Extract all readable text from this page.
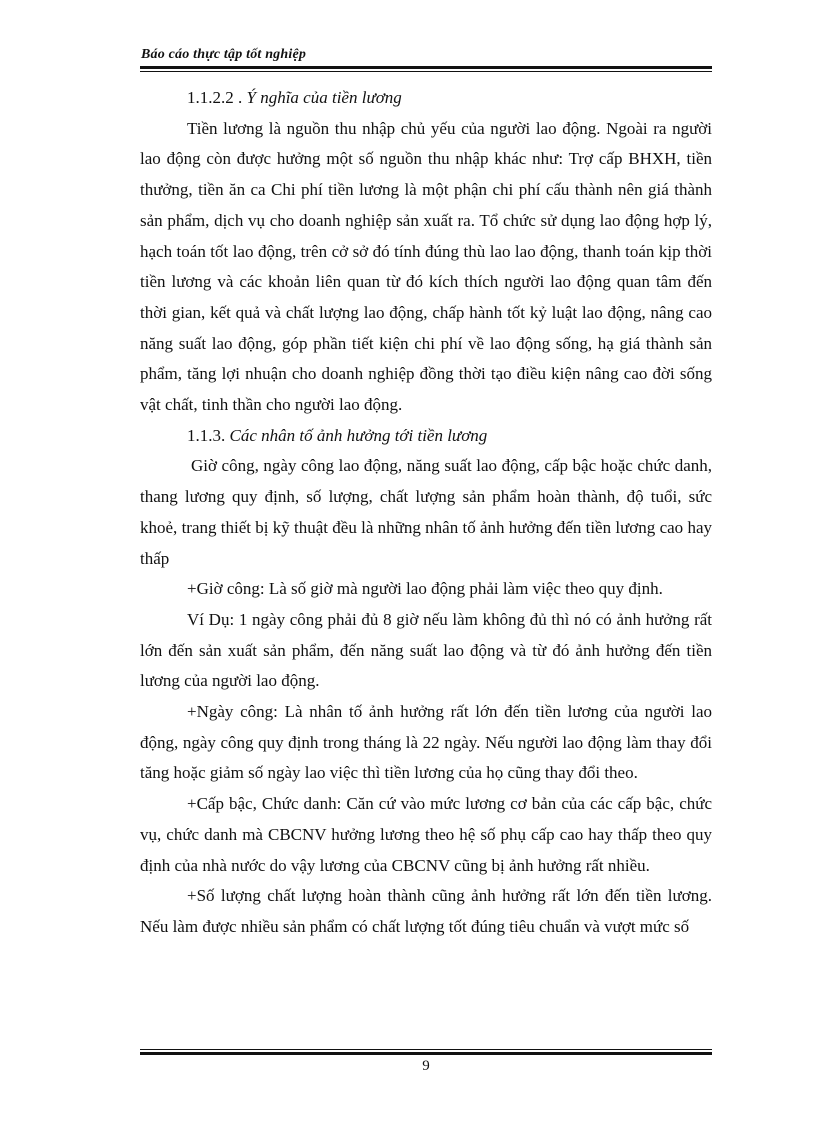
Báo cáo thực tập tốt nghiệp

1.1.2.2 . Ý nghĩa của tiền lương

Tiền lương là nguồn thu nhập chủ yếu của người lao động. Ngoài ra người lao động còn được hưởng một số nguồn thu nhập khác như: Trợ cấp BHXH, tiền thưởng, tiền ăn ca Chi phí tiền lương là một phận chi phí cấu thành nên giá thành sản phẩm, dịch vụ cho doanh nghiệp sản xuất ra. Tổ chức sử dụng lao động hợp lý, hạch toán tốt lao động, trên cở sở đó tính đúng thù lao lao động, thanh toán kịp thời tiền lương và các khoản liên quan từ đó kích thích người lao động quan tâm đến thời gian, kết quả và chất lượng lao động, chấp hành tốt kỷ luật lao động, nâng cao năng suất lao động, góp phần tiết kiện chi phí về lao động sống, hạ giá thành sản phẩm, tăng lợi nhuận cho doanh nghiệp đồng thời tạo điều kiện nâng cao đời sống vật chất, tinh thần cho người lao động.

1.1.3. Các nhân tố ảnh hưởng tới tiền lương

Giờ công, ngày công lao động, năng suất lao động, cấp bậc hoặc chức danh, thang lương quy định, số lượng, chất lượng sản phẩm hoàn thành, độ tuổi, sức khoẻ, trang thiết bị kỹ thuật đều là những nhân tố ảnh hưởng đến tiền lương cao hay thấp

+Giờ công: Là số giờ mà người lao động phải làm việc theo quy định.

Ví Dụ: 1 ngày công phải đủ 8 giờ nếu làm không đủ thì nó có ảnh hưởng rất lớn đến sản xuất sản phẩm, đến năng suất lao động và từ đó ảnh hưởng đến tiền lương của người lao động.

+Ngày công: Là nhân tố ảnh hưởng rất lớn đến tiền lương của người lao động, ngày công quy định trong tháng là 22 ngày. Nếu người lao động làm thay đổi tăng hoặc giảm số ngày lao việc thì tiền lương của họ cũng thay đổi theo.

+Cấp bậc, Chức danh: Căn cứ vào mức lương cơ bản của các cấp bậc, chức vụ, chức danh mà CBCNV hưởng lương theo hệ số phụ cấp cao hay thấp theo quy định của nhà nước do vậy lương của CBCNV cũng bị ảnh hưởng rất nhiều.

+Số lượng chất lượng hoàn thành cũng ảnh hưởng rất lớn đến tiền lương. Nếu làm được nhiều sản phẩm có chất lượng tốt đúng tiêu chuẩn và vượt mức số

9
